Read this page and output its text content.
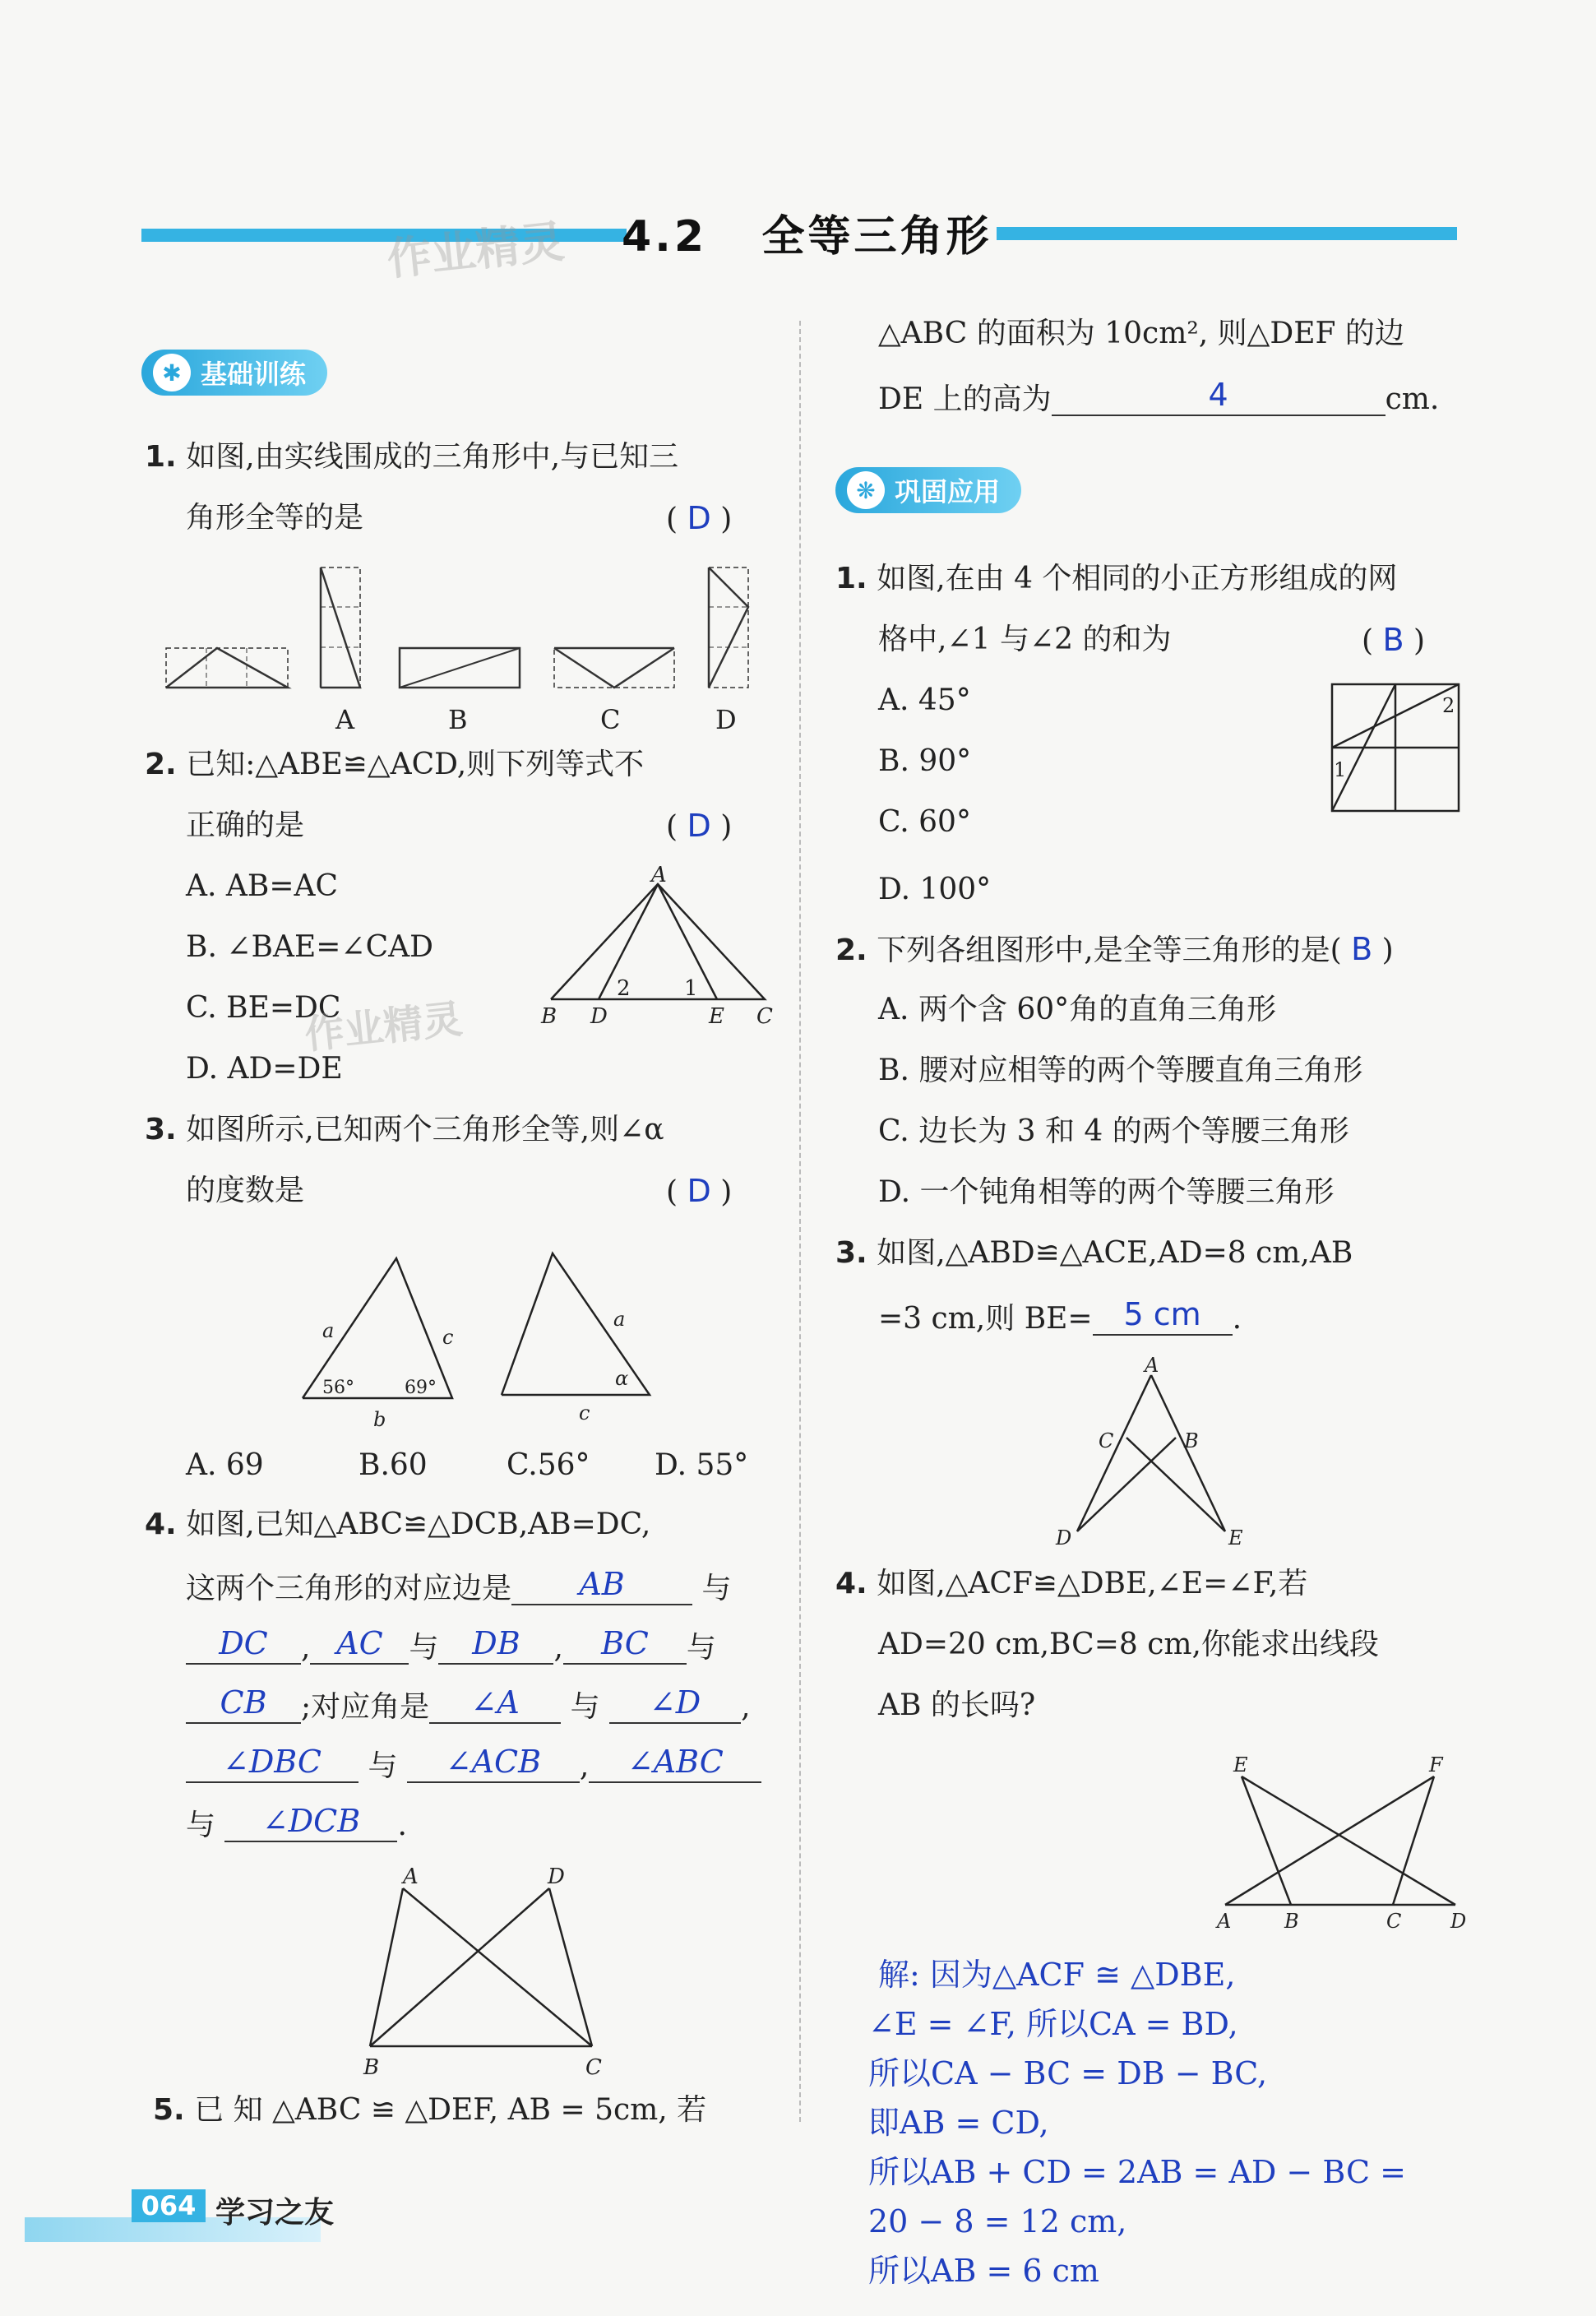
作业精灵 4.2 全等三角形
✱ 基础训练
1. 如图,由实线围成的三角形中,与已知三
角形全等的是	( D )
A	B	C	D
2. 已知:△ABE≌△ACD,则下列等式不
正确的是	( D )
A. AB=AC
B. ∠BAE=∠CAD
C. BE=DC
D. AD=DE
作业精灵
A
B D	E C
2	1
3. 如图所示,已知两个三角形全等,则∠α
的度数是	( D )
a
b
c
a
c
α
56°	69°
A. 69	B.60	C.56° D. 55°
4. 如图,已知△ABC≌△DCB,AB=DC,
这两个三角形的对应边是 AB	与
DC , AC 与 DB , BC 与
CB ;对应角是 ∠A 与 ∠D ,
∠DBC 与 ∠ACB , ∠ABC
与 ∠DCB .
A	D
B	C
5. 已 知 △ABC ≌ △DEF, AB = 5cm, 若
△ABC 的面积为 10cm², 则△DEF 的边
DE 上的高为	4	cm.
❋ 巩固应用
1. 如图,在由 4 个相同的小正方形组成的网
格中,∠1 与∠2 的和为	( B )
A. 45°
B. 90°
C. 60°
D. 100°
1
2
2. 下列各组图形中,是全等三角形的是( B )
A. 两个含 60°角的直角三角形
B. 腰对应相等的两个等腰直角三角形
C. 边长为 3 和 4 的两个等腰三角形
D. 一个钝角相等的两个等腰三角形
3. 如图,△ABD≌△ACE,AD=8 cm,AB
=3 cm,则 BE= 5 cm .
A
C	B
D	E
4. 如图,△ACF≌△DBE,∠E=∠F,若
AD=20 cm,BC=8 cm,你能求出线段
AB 的长吗?
E	F
A	B	C D
解: 因为△ACF ≅ △DBE,
∠E = ∠F, 所以CA = BD,
所以CA − BC = DB − BC,
即AB = CD,
所以AB + CD = 2AB = AD − BC =
20 − 8 = 12 cm,
所以AB = 6 cm
064 学习之友
